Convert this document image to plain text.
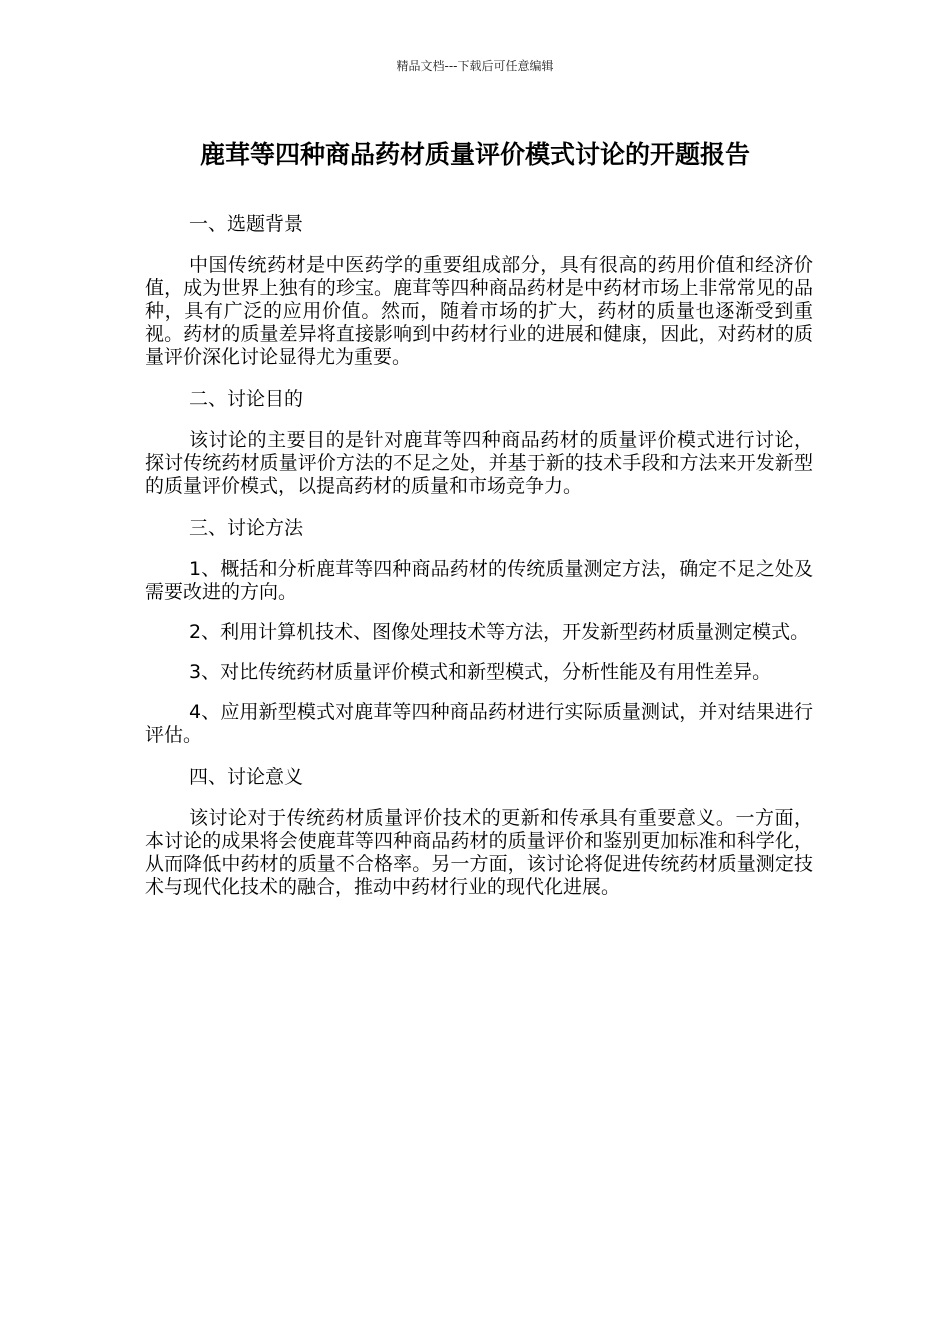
精品文档---下载后可任意编辑
鹿茸等四种商品药材质量评价模式讨论的开题报告

一、选题背景

中国传统药材是中医药学的重要组成部分，具有很高的药用价值和经济价值，成为世界上独有的珍宝。鹿茸等四种商品药材是中药材市场上非常常见的品种，具有广泛的应用价值。然而，随着市场的扩大，药材的质量也逐渐受到重视。药材的质量差异将直接影响到中药材行业的进展和健康，因此，对药材的质量评价深化讨论显得尤为重要。

二、讨论目的

该讨论的主要目的是针对鹿茸等四种商品药材的质量评价模式进行讨论，探讨传统药材质量评价方法的不足之处，并基于新的技术手段和方法来开发新型的质量评价模式，以提高药材的质量和市场竞争力。

三、讨论方法

1、概括和分析鹿茸等四种商品药材的传统质量测定方法，确定不足之处及需要改进的方向。

2、利用计算机技术、图像处理技术等方法，开发新型药材质量测定模式。

3、对比传统药材质量评价模式和新型模式，分析性能及有用性差异。

4、应用新型模式对鹿茸等四种商品药材进行实际质量测试，并对结果进行评估。

四、讨论意义

该讨论对于传统药材质量评价技术的更新和传承具有重要意义。一方面，本讨论的成果将会使鹿茸等四种商品药材的质量评价和鉴别更加标准和科学化，从而降低中药材的质量不合格率。另一方面，该讨论将促进传统药材质量测定技术与现代化技术的融合，推动中药材行业的现代化进展。
